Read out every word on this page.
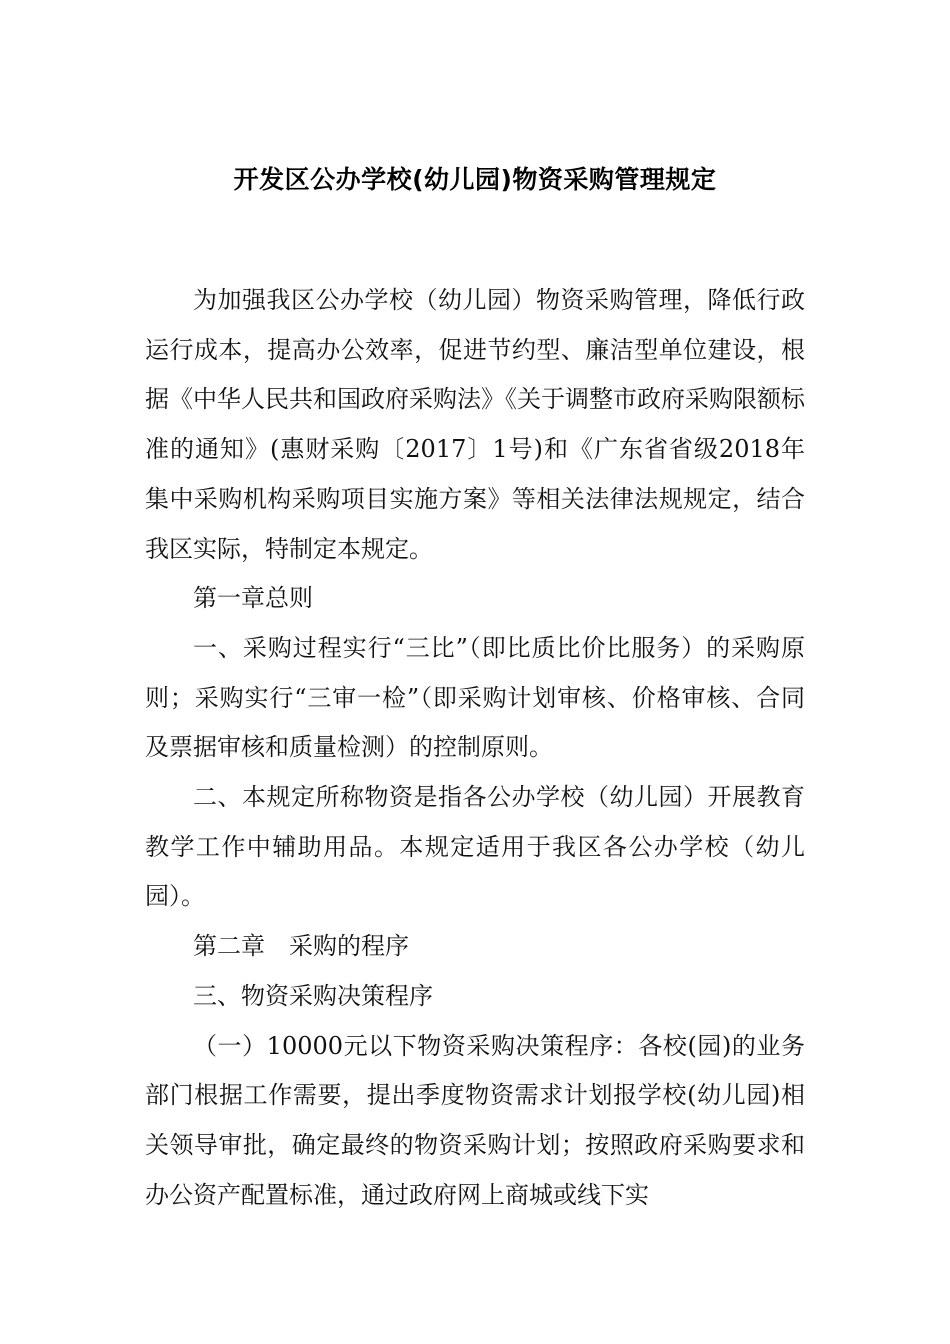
开发区公办学校(幼儿园)物资采购管理规定

为加强我区公办学校（幼儿园）物资采购管理，降低行政运行成本，提高办公效率，促进节约型、廉洁型单位建设，根据《中华人民共和国政府采购法》《关于调整市政府采购限额标准的通知》(惠财采购〔2017〕1号)和《广东省省级2018年集中采购机构采购项目实施方案》等相关法律法规规定，结合我区实际，特制定本规定。

第一章总则

一、采购过程实行“三比”（即比质比价比服务）的采购原则；采购实行“三审一检”（即采购计划审核、价格审核、合同及票据审核和质量检测）的控制原则。

二、本规定所称物资是指各公办学校（幼儿园）开展教育教学工作中辅助用品。本规定适用于我区各公办学校（幼儿园）。

第二章　采购的程序

三、物资采购决策程序

（一）10000元以下物资采购决策程序：各校(园)的业务部门根据工作需要，提出季度物资需求计划报学校(幼儿园)相关领导审批，确定最终的物资采购计划；按照政府采购要求和办公资产配置标准，通过政府网上商城或线下实
